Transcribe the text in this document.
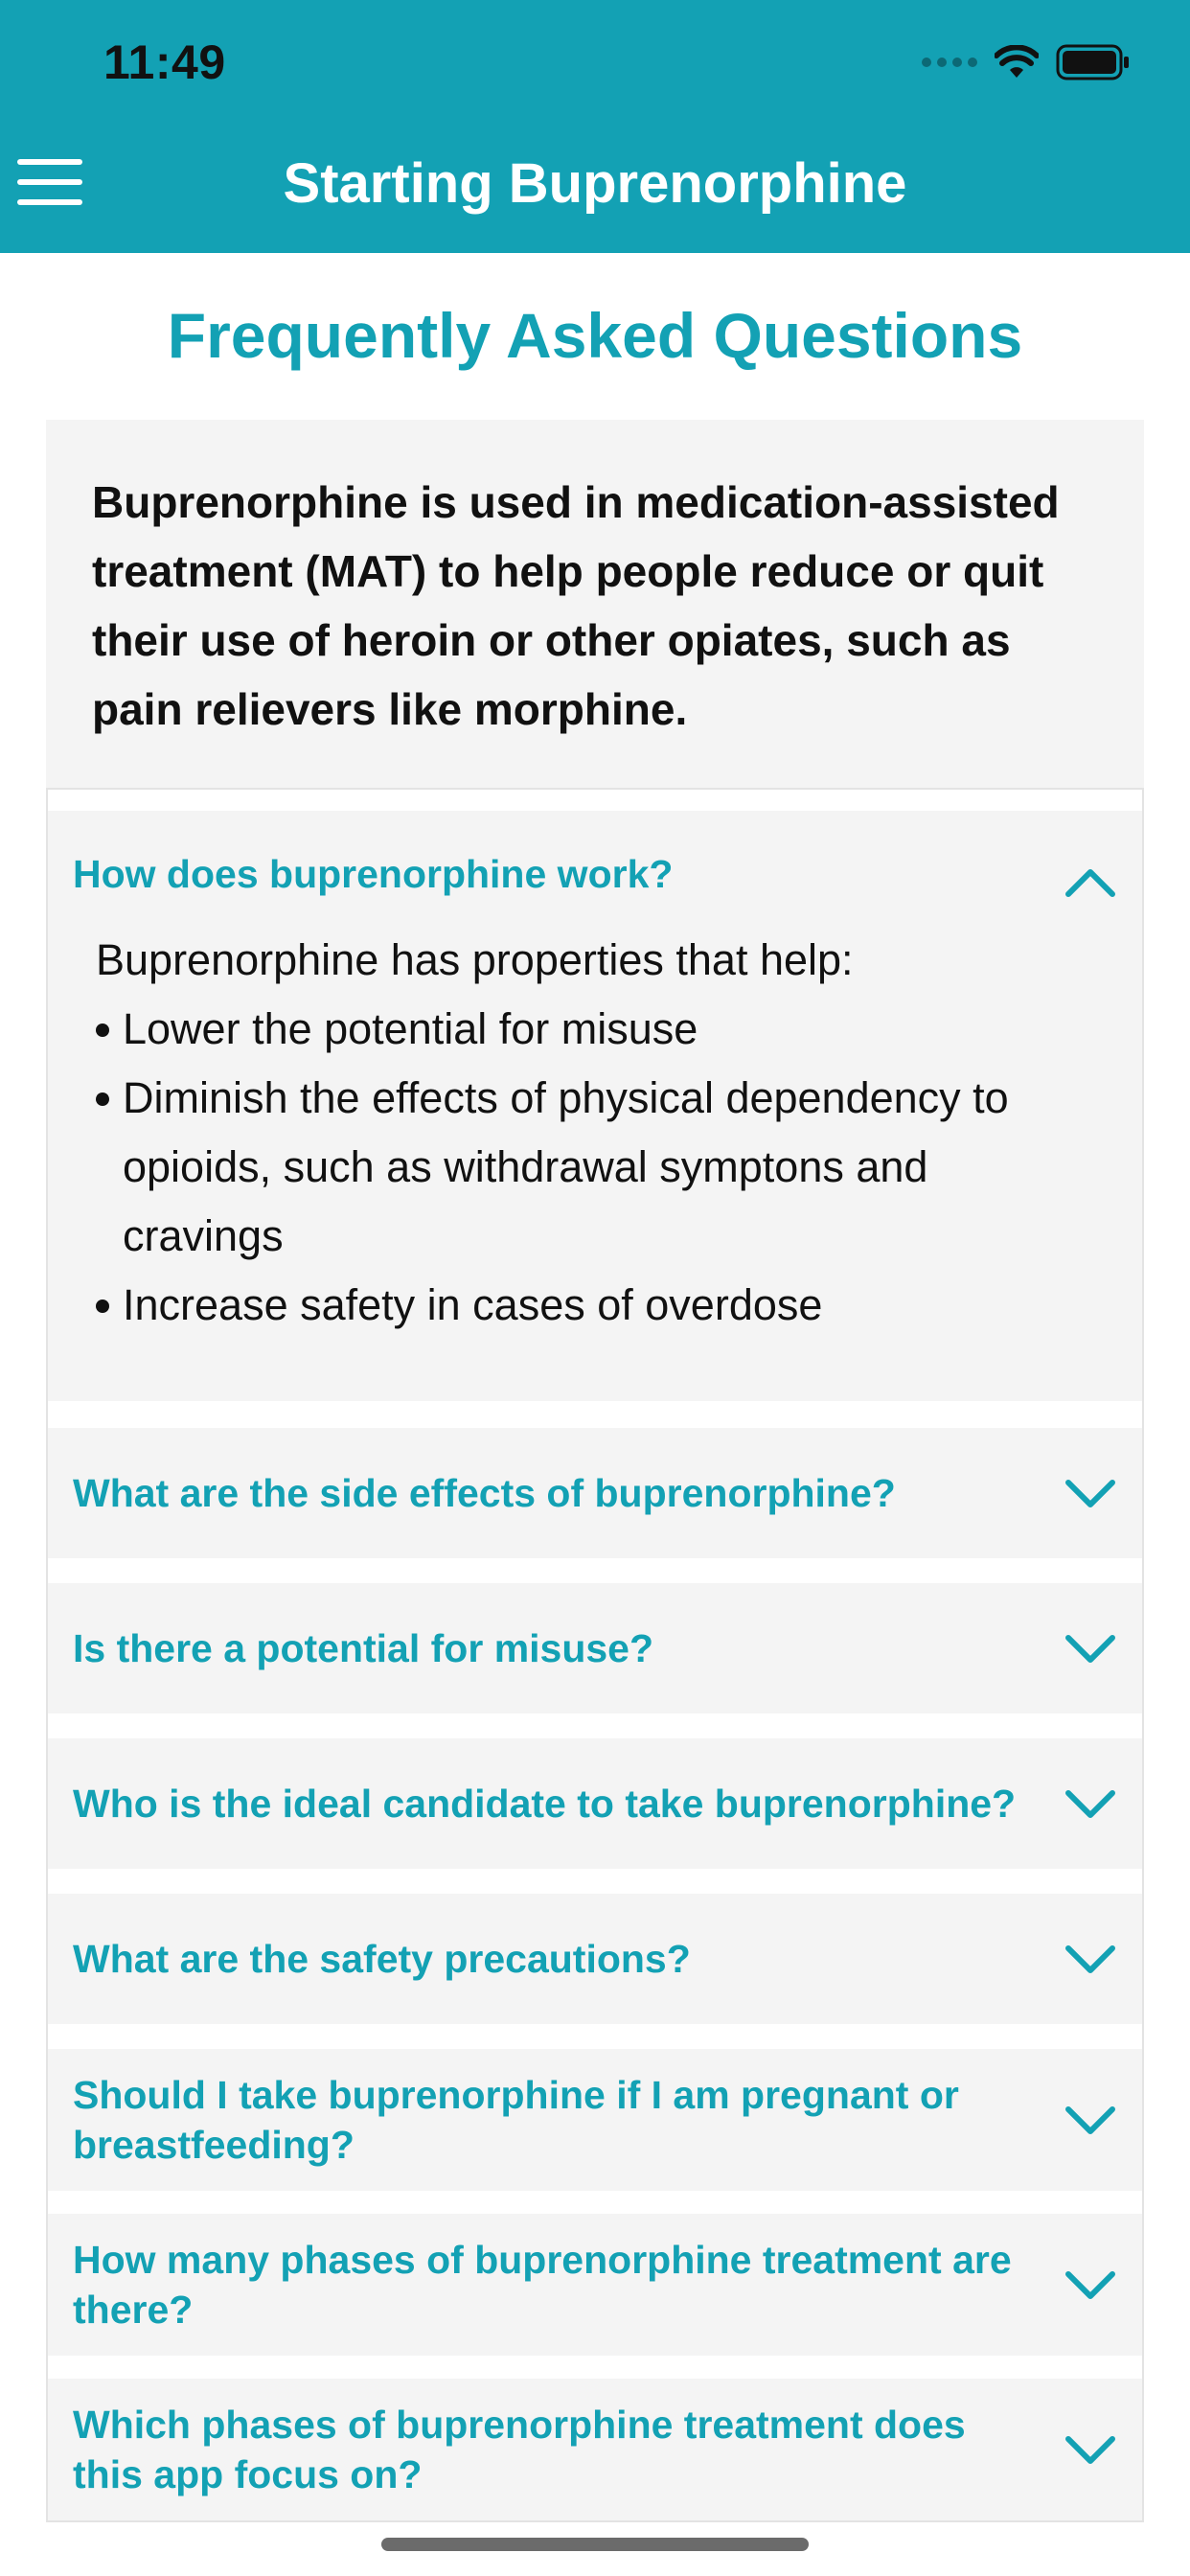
11:49
Starting Buprenorphine
Frequently Asked Questions
Buprenorphine is used in medication-assisted treatment (MAT) to help people reduce or quit their use of heroin or other opiates, such as pain relievers like morphine.
How does buprenorphine work?
Buprenorphine has properties that help:
Lower the potential for misuse
Diminish the effects of physical dependency to opioids, such as withdrawal symptons and cravings
Increase safety in cases of overdose
What are the side effects of buprenorphine?
Is there a potential for misuse?
Who is the ideal candidate to take buprenorphine?
What are the safety precautions?
Should I take buprenorphine if I am pregnant or breastfeeding?
How many phases of buprenorphine treatment are there?
Which phases of buprenorphine treatment does this app focus on?
